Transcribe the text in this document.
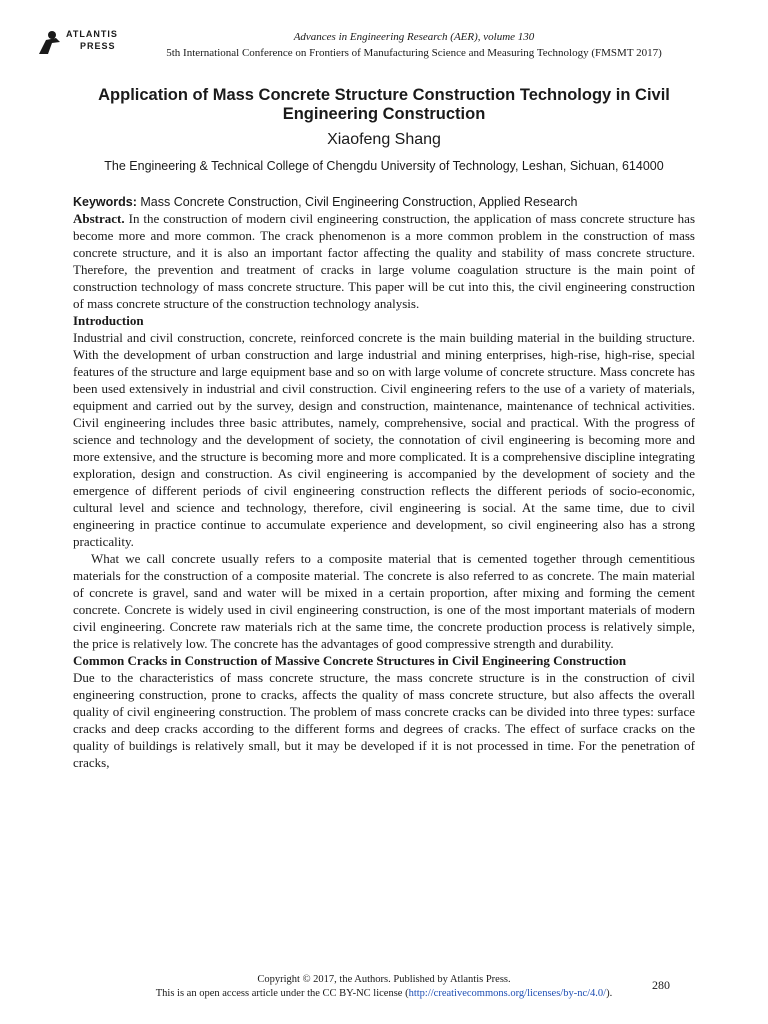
ATLANTIS
PRESS
Advances in Engineering Research (AER), volume 130
5th International Conference on Frontiers of Manufacturing Science and Measuring Technology (FMSMT 2017)
Application of Mass Concrete Structure Construction Technology in Civil Engineering Construction
Xiaofeng Shang
The Engineering & Technical College of Chengdu University of Technology, Leshan, Sichuan, 614000
Keywords: Mass Concrete Construction, Civil Engineering Construction, Applied Research

Abstract. In the construction of modern civil engineering construction, the application of mass concrete structure has become more and more common. The crack phenomenon is a more common problem in the construction of mass concrete structure, and it is also an important factor affecting the quality and stability of mass concrete structure. Therefore, the prevention and treatment of cracks in large volume coagulation structure is the main point of construction technology of mass concrete structure. This paper will be cut into this, the civil engineering construction of mass concrete structure of the construction technology analysis.

Introduction

Industrial and civil construction, concrete, reinforced concrete is the main building material in the building structure. With the development of urban construction and large industrial and mining enterprises, high-rise, high-rise, special features of the structure and large equipment base and so on with large volume of concrete structure. Mass concrete has been used extensively in industrial and civil construction. Civil engineering refers to the use of a variety of materials, equipment and carried out by the survey, design and construction, maintenance, maintenance of technical activities. Civil engineering includes three basic attributes, namely, comprehensive, social and practical. With the progress of science and technology and the development of society, the connotation of civil engineering is becoming more and more extensive, and the structure is becoming more and more complicated. It is a comprehensive discipline integrating exploration, design and construction. As civil engineering is accompanied by the development of society and the emergence of different periods of civil engineering construction reflects the different periods of socio-economic, cultural level and science and technology, therefore, civil engineering is social. At the same time, due to civil engineering in practice continue to accumulate experience and development, so civil engineering also has a strong practicality.

What we call concrete usually refers to a composite material that is cemented together through cementitious materials for the construction of a composite material. The concrete is also referred to as concrete. The main material of concrete is gravel, sand and water will be mixed in a certain proportion, after mixing and forming the cement concrete. Concrete is widely used in civil engineering construction, is one of the most important materials of modern civil engineering. Concrete raw materials rich at the same time, the concrete production process is relatively simple, the price is relatively low. The concrete has the advantages of good compressive strength and durability.

Common Cracks in Construction of Massive Concrete Structures in Civil Engineering Construction

Due to the characteristics of mass concrete structure, the mass concrete structure is in the construction of civil engineering construction, prone to cracks, affects the quality of mass concrete structure, but also affects the overall quality of civil engineering construction. The problem of mass concrete cracks can be divided into three types: surface cracks and deep cracks according to the different forms and degrees of cracks. The effect of surface cracks on the quality of buildings is relatively small, but it may be developed if it is not processed in time. For the penetration of cracks,

Copyright © 2017, the Authors. Published by Atlantis Press.
This is an open access article under the CC BY-NC license (http://creativecommons.org/licenses/by-nc/4.0/).
280
